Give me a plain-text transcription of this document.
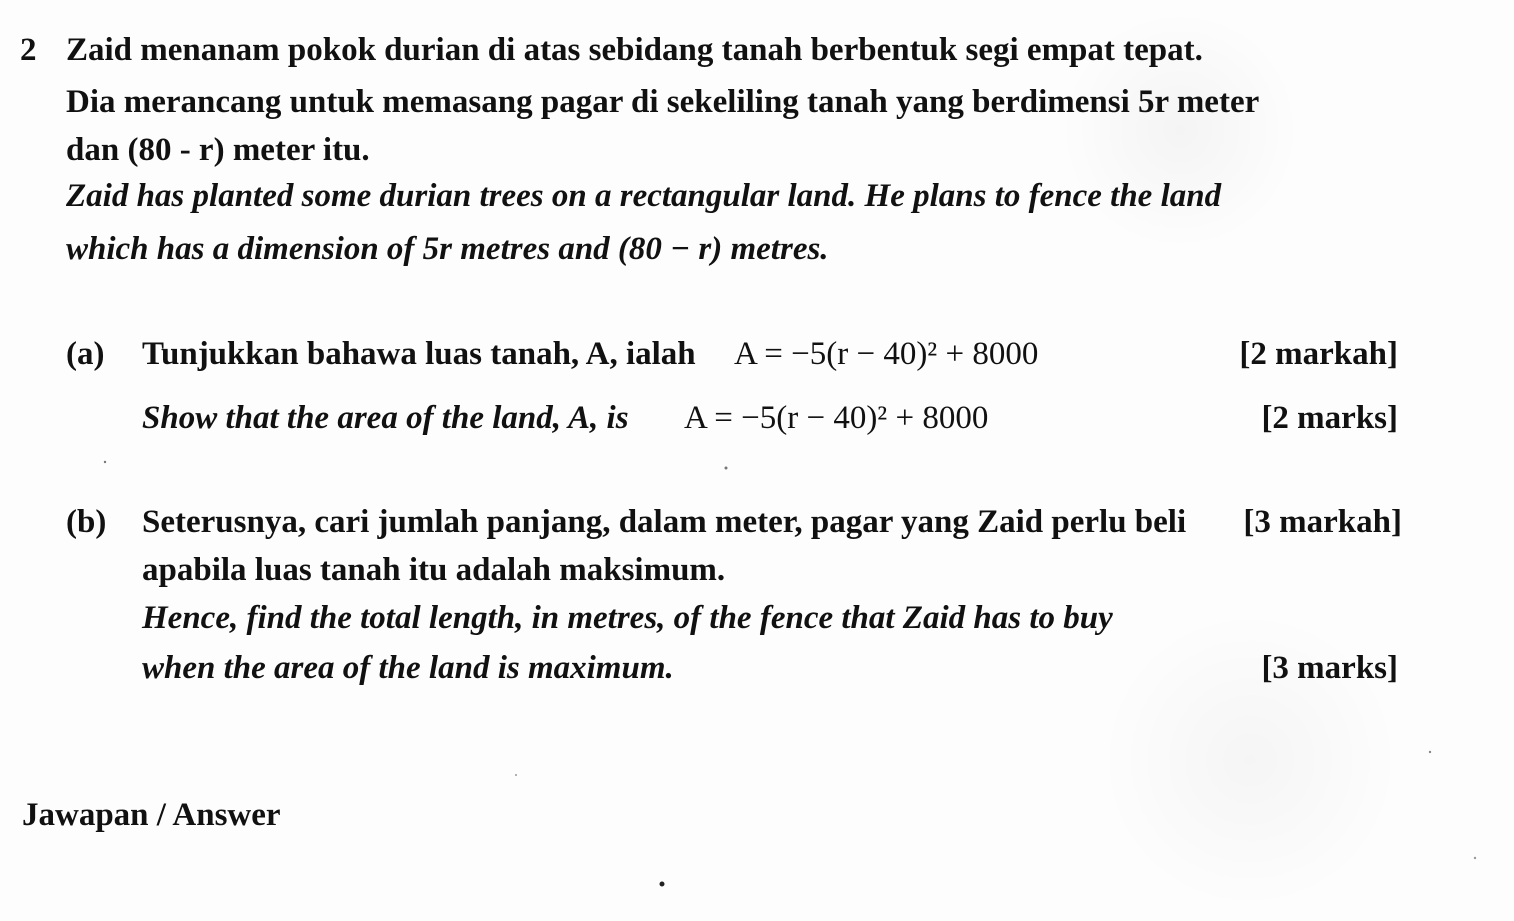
2 Zaid menanam pokok durian di atas sebidang tanah berbentuk segi empat tepat.
Dia merancang untuk memasang pagar di sekeliling tanah yang berdimensi 5r meter
dan (80 - r) meter itu.
Zaid has planted some durian trees on a rectangular land. He plans to fence the land
which has a dimension of 5r metres and (80 − r) metres.
(a) Tunjukkan bahawa luas tanah, A, ialah A = −5(r − 40)² + 8000	[2 markah]
Show that the area of the land, A, is A = −5(r − 40)² + 8000	[2 marks]
(b) Seterusnya, cari jumlah panjang, dalam meter, pagar yang Zaid perlu beli [3 markah]
apabila luas tanah itu adalah maksimum.
Hence, find the total length, in metres, of the fence that Zaid has to buy
when the area of the land is maximum.	[3 marks]
Jawapan / Answer
